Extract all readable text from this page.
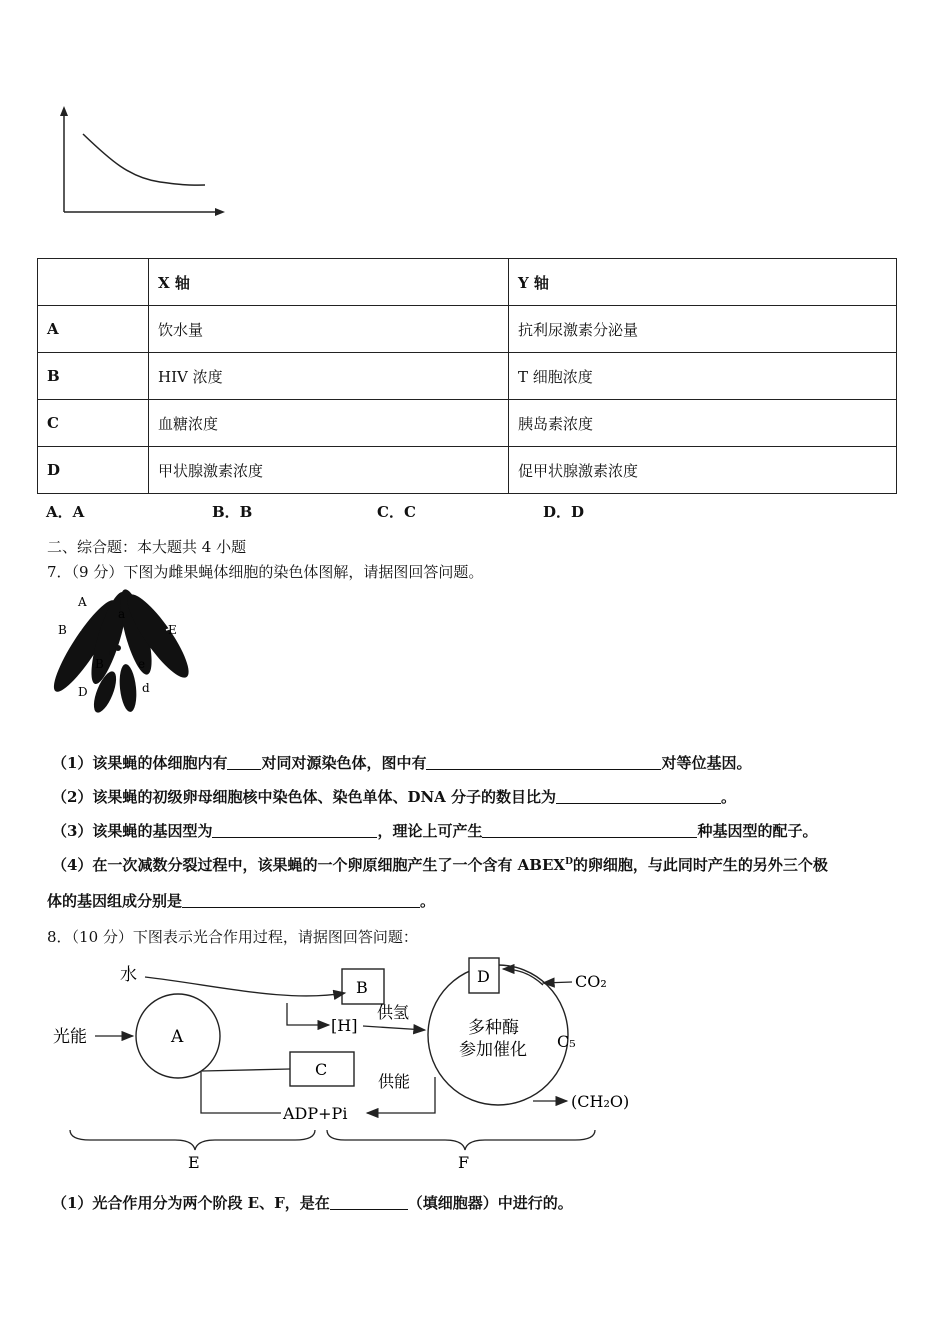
	X 轴	Y 轴
A	饮水量	抗利尿激素分泌量
B	HIV 浓度	T 细胞浓度
C	血糖浓度	胰岛素浓度
D	甲状腺激素浓度	促甲状腺激素浓度
A．A	B．B	C．C	D．D
二、综合题：本大题共 4 小题
7．（9 分）下图为雌果蝇体细胞的染色体图解，请据图回答问题。
A
a
B	E
B	e
D	d
（1）该果蝇的体细胞内有 对同对源染色体，图中有	对等位基因。
（2）该果蝇的初级卵母细胞核中染色体、染色单体、DNA 分子的数目比为	。
（3）该果蝇的基因型为	，理论上可产生	种基因型的配子。
（4）在一次减数分裂过程中，该果蝇的一个卵原细胞产生了一个含有 $ABEX^D$的卵细胞，与此同时产生的另外三个极
体的基因组成分别是	。
8．（10 分）下图表示光合作用过程，请据图回答问题：
水
光能	A
B
[H]
供氢
C
供能
ADP+Pi
多种酶
参加催化
D	CO₂
C₅
(CH₂O)
E	F
（1）光合作用分为两个阶段 E、F，是在	（填细胞器）中进行的。
